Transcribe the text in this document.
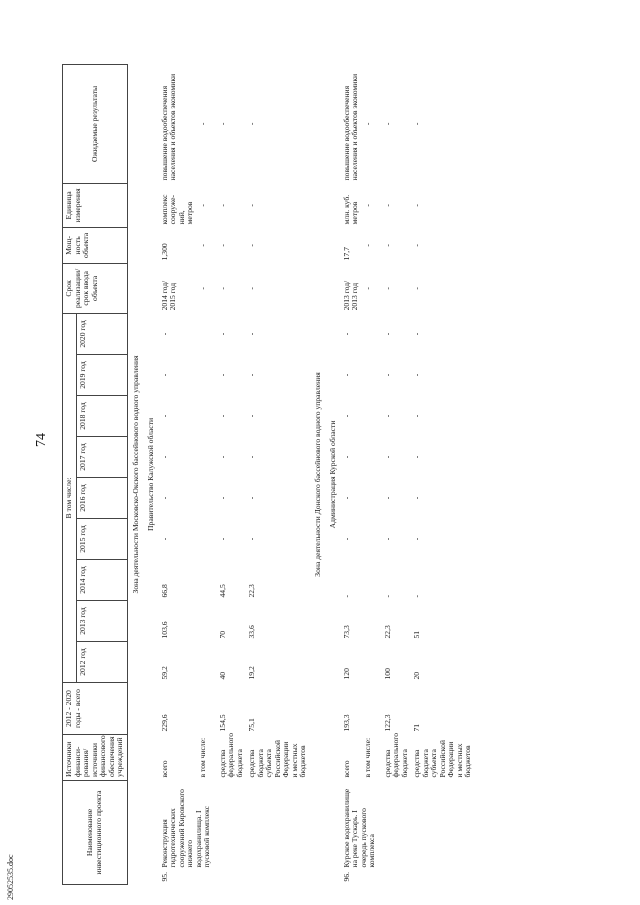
74
29052535.doc
Наименование инвестиционного проекта	Источники финанси- рования/ источники финансового обеспечения учреждений	2012 - 2020 годы - всего	В том числе:									Срок реализации/ срок ввода объекта	Мощ- ность объекта	Единица измерения	Ожидаемые результаты
			2012 год	2013 год	2014 год	2015 год	2016 год	2017 год	2018 год	2019 год	2020 год				
Зона деятельности Московско-Окского бассейнового водного управления															
Правительство Калужской области															
95.Реконструкция гидротехнических сооружений Кировского нижнего водохранилища. I пусковой комплекс	всего	229,6	59,2	103,6	66,8	-	-	-	-	-	-	2014 год/ 2015 год	1,300	комплекс сооруже- ний, метров	повышение водообеспечения населения и объектов экономики
	в том числе:											-	-	-	-
	средства федерального бюджета	154,5	40	70	44,5	-	-	-	-	-	-	-	-	-	-
	средства бюджета субъекта Российской Федерации и местных бюджетов	75,1	19,2	33,6	22,3	-	-	-	-	-	-	-	-	-	-
Зона деятельности Донского бассейнового водного управления															
Администрация Курской области															
96.Курское водохранилище на реке Тускарь. I очередь пускового комплекса	всего	193,3	120	73,3	-	-	-	-	-	-	-	2013 год/ 2013 год	17,7	млн. куб. метров	повышение водообеспечения населения и объектов экономики
	в том числе:											-	-	-	-
	средства федерального бюджета	122,3	100	22,3	-	-	-	-	-	-	-	-	-	-	-
	средства бюджета субъекта Российской Федерации и местных бюджетов	71	20	51	-	-	-	-	-	-	-	-	-	-	-
